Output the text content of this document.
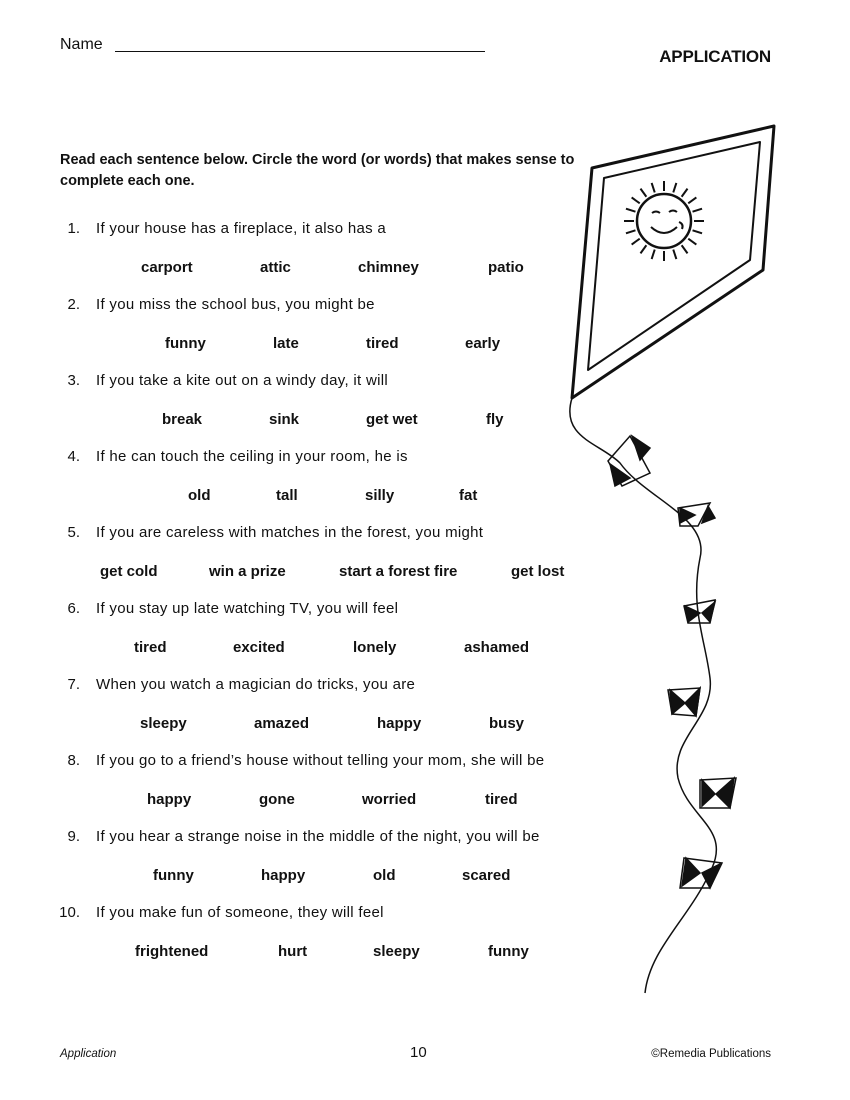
Name
APPLICATION
Read each sentence below. Circle the word (or words) that makes sense to complete each one.
1. If your house has a fireplace, it also has a
carport	attic	chimney	patio
2. If you miss the school bus, you might be
funny	late	tired	early
3. If you take a kite out on a windy day, it will
break	sink	get wet	fly
4. If he can touch the ceiling in your room, he is
old	tall	silly	fat
5. If you are careless with matches in the forest, you might
get cold	win a prize	start a forest fire	get lost
6. If you stay up late watching TV, you will feel
tired	excited	lonely	ashamed
7. When you watch a magician do tricks, you are
sleepy	amazed	happy	busy
8. If you go to a friend’s house without telling your mom, she will be
happy	gone	worried	tired
9. If you hear a strange noise in the middle of the night, you will be
funny	happy	old	scared
10. If you make fun of someone, they will feel
frightened	hurt	sleepy	funny
Application	10	©Remedia Publications
